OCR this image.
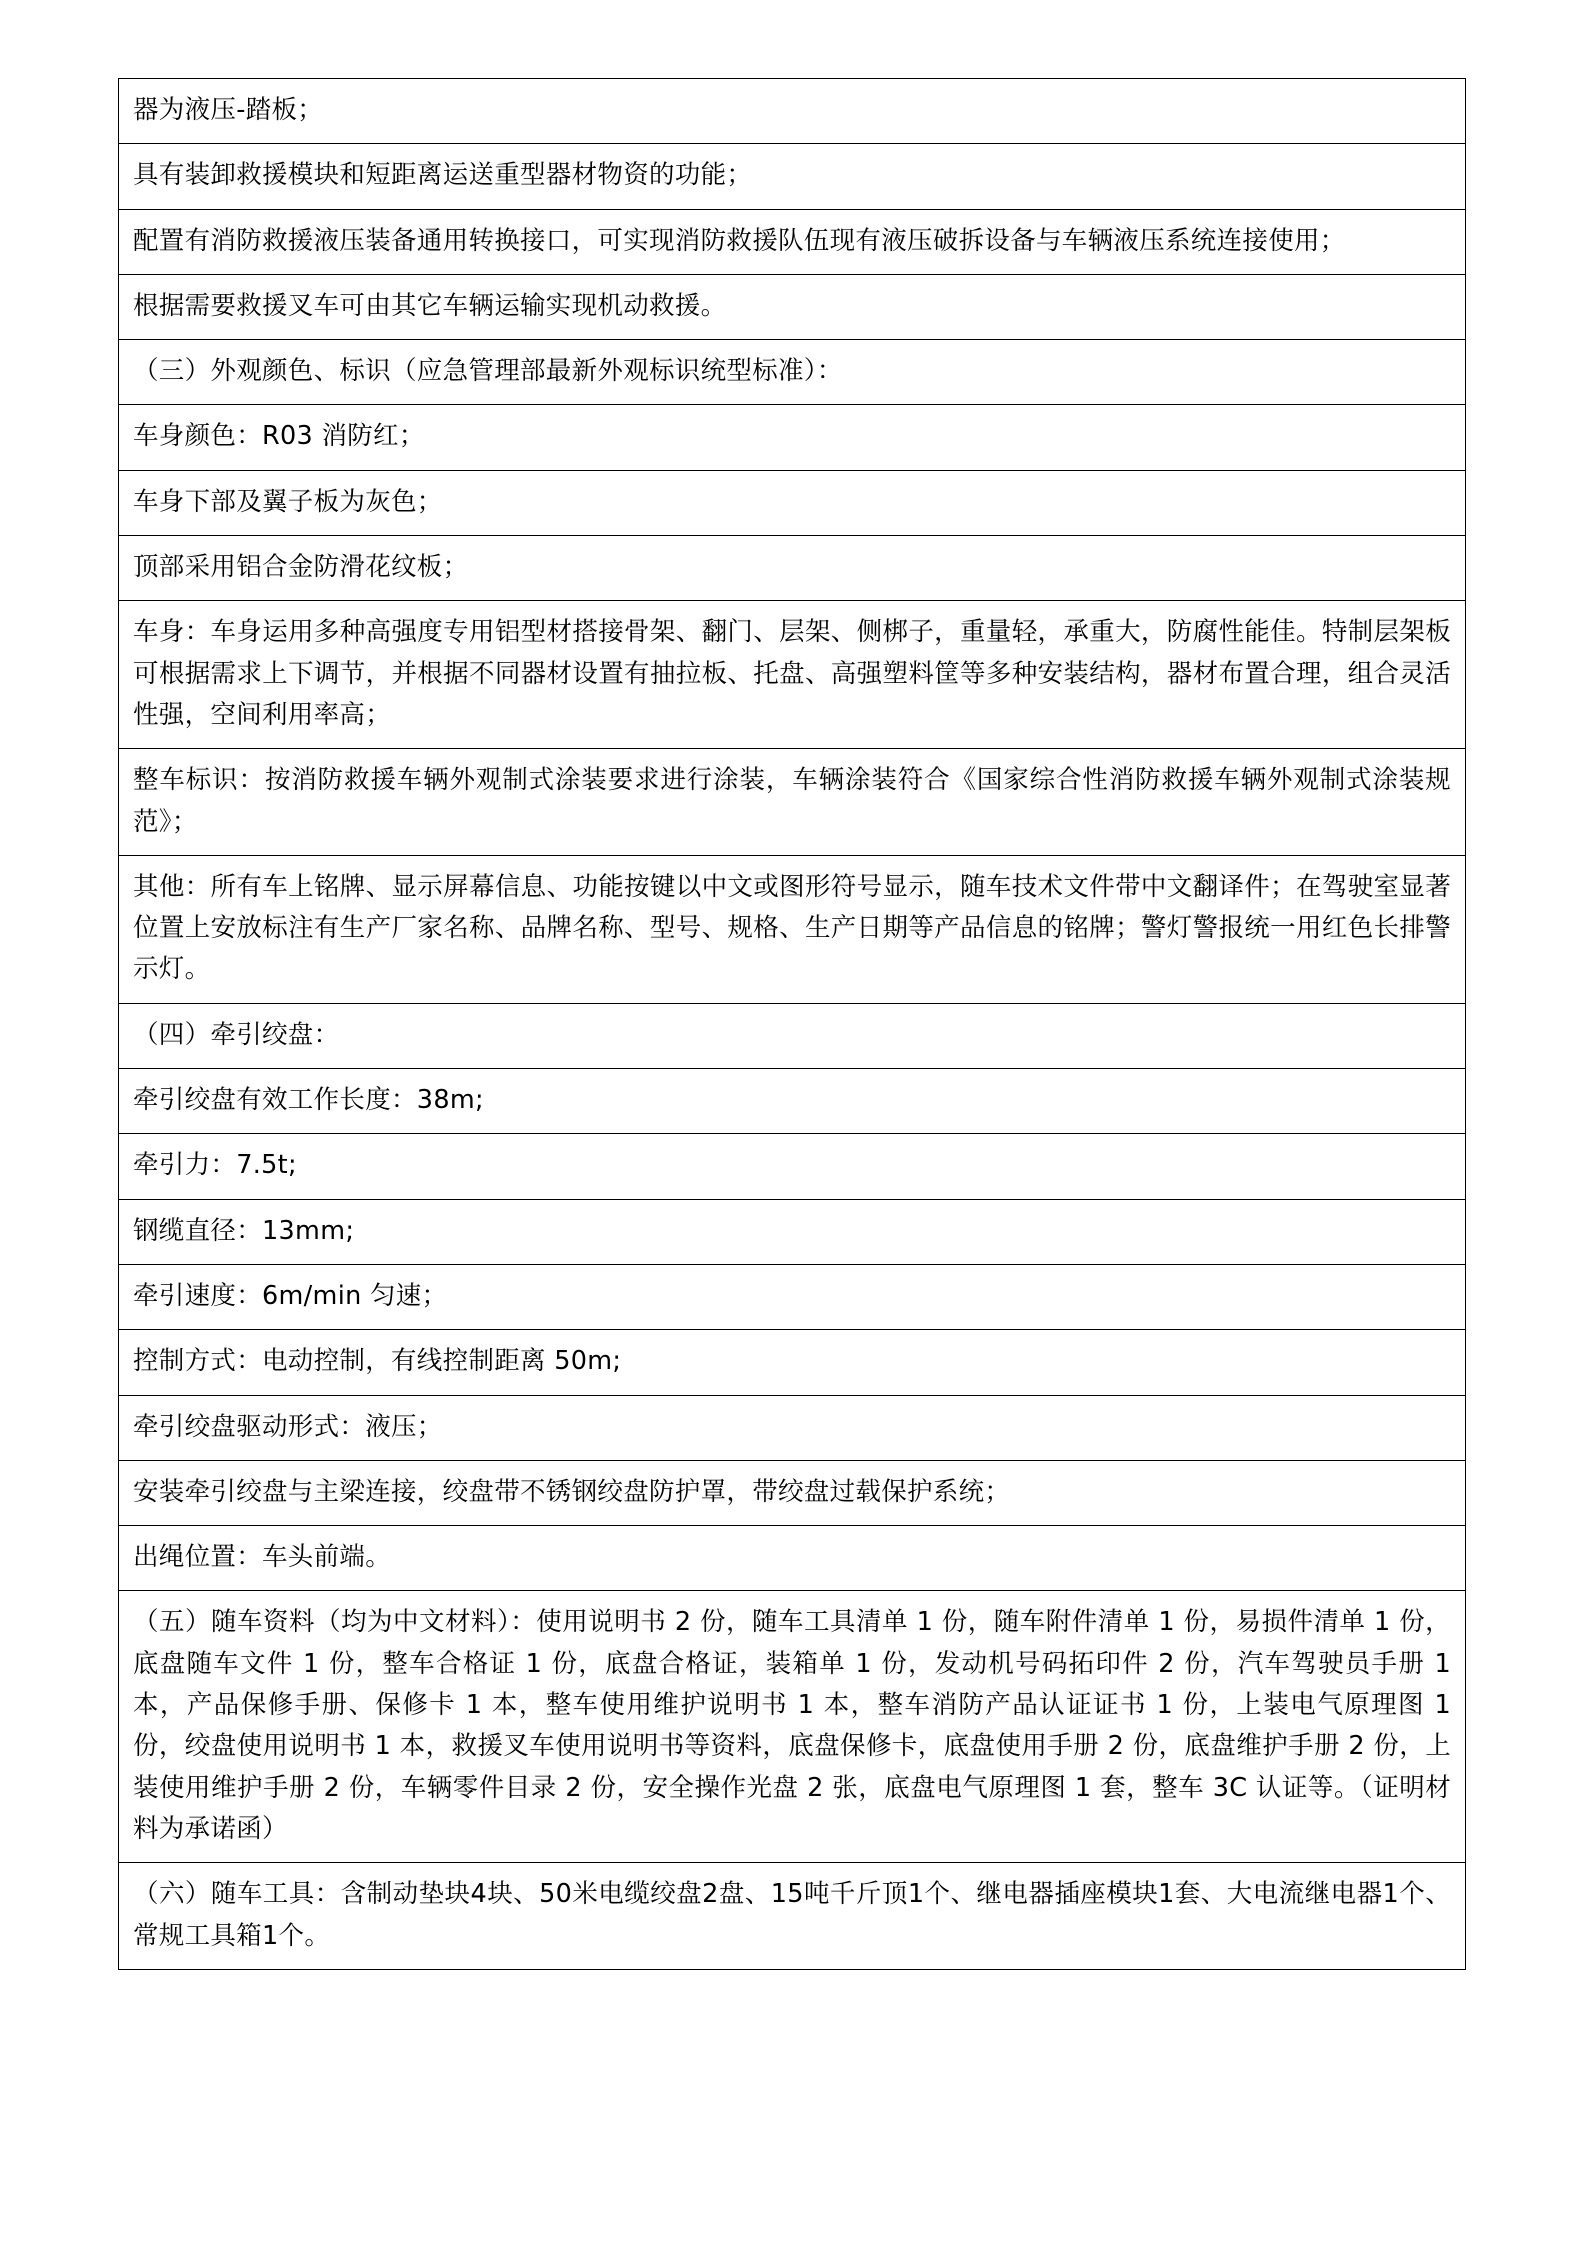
器为液压-踏板；
具有装卸救援模块和短距离运送重型器材物资的功能；
配置有消防救援液压装备通用转换接口，可实现消防救援队伍现有液压破拆设备与车辆液压系统连接使用；
根据需要救援叉车可由其它车辆运输实现机动救援。
（三）外观颜色、标识（应急管理部最新外观标识统型标准）：
车身颜色：R03 消防红；
车身下部及翼子板为灰色；
顶部采用铝合金防滑花纹板；
车身：车身运用多种高强度专用铝型材搭接骨架、翻门、层架、侧梆子，重量轻，承重大，防腐性能佳。特制层架板可根据需求上下调节，并根据不同器材设置有抽拉板、托盘、高强塑料筐等多种安装结构，器材布置合理，组合灵活性强，空间利用率高；
整车标识：按消防救援车辆外观制式涂装要求进行涂装，车辆涂装符合《国家综合性消防救援车辆外观制式涂装规范》；
其他：所有车上铭牌、显示屏幕信息、功能按键以中文或图形符号显示，随车技术文件带中文翻译件；在驾驶室显著位置上安放标注有生产厂家名称、品牌名称、型号、规格、生产日期等产品信息的铭牌；警灯警报统一用红色长排警示灯。
（四）牵引绞盘：
牵引绞盘有效工作长度：38m;
牵引力：7.5t;
钢缆直径：13mm;
牵引速度：6m/min 匀速；
控制方式：电动控制，有线控制距离 50m;
牵引绞盘驱动形式：液压；
安装牵引绞盘与主梁连接，绞盘带不锈钢绞盘防护罩，带绞盘过载保护系统；
出绳位置：车头前端。
（五）随车资料（均为中文材料）：使用说明书 2 份，随车工具清单 1 份，随车附件清单 1 份，易损件清单 1 份，底盘随车文件 1 份，整车合格证 1 份，底盘合格证，装箱单 1 份，发动机号码拓印件 2 份，汽车驾驶员手册 1 本，产品保修手册、保修卡 1 本，整车使用维护说明书 1 本，整车消防产品认证证书 1 份，上装电气原理图 1 份，绞盘使用说明书 1 本，救援叉车使用说明书等资料，底盘保修卡，底盘使用手册 2 份，底盘维护手册 2 份，上装使用维护手册 2 份，车辆零件目录 2 份，安全操作光盘 2 张，底盘电气原理图 1 套，整车 3C 认证等。（证明材料为承诺函）
（六）随车工具：含制动垫块4块、50米电缆绞盘2盘、15吨千斤顶1个、继电器插座模块1套、大电流继电器1个、常规工具箱1个。
